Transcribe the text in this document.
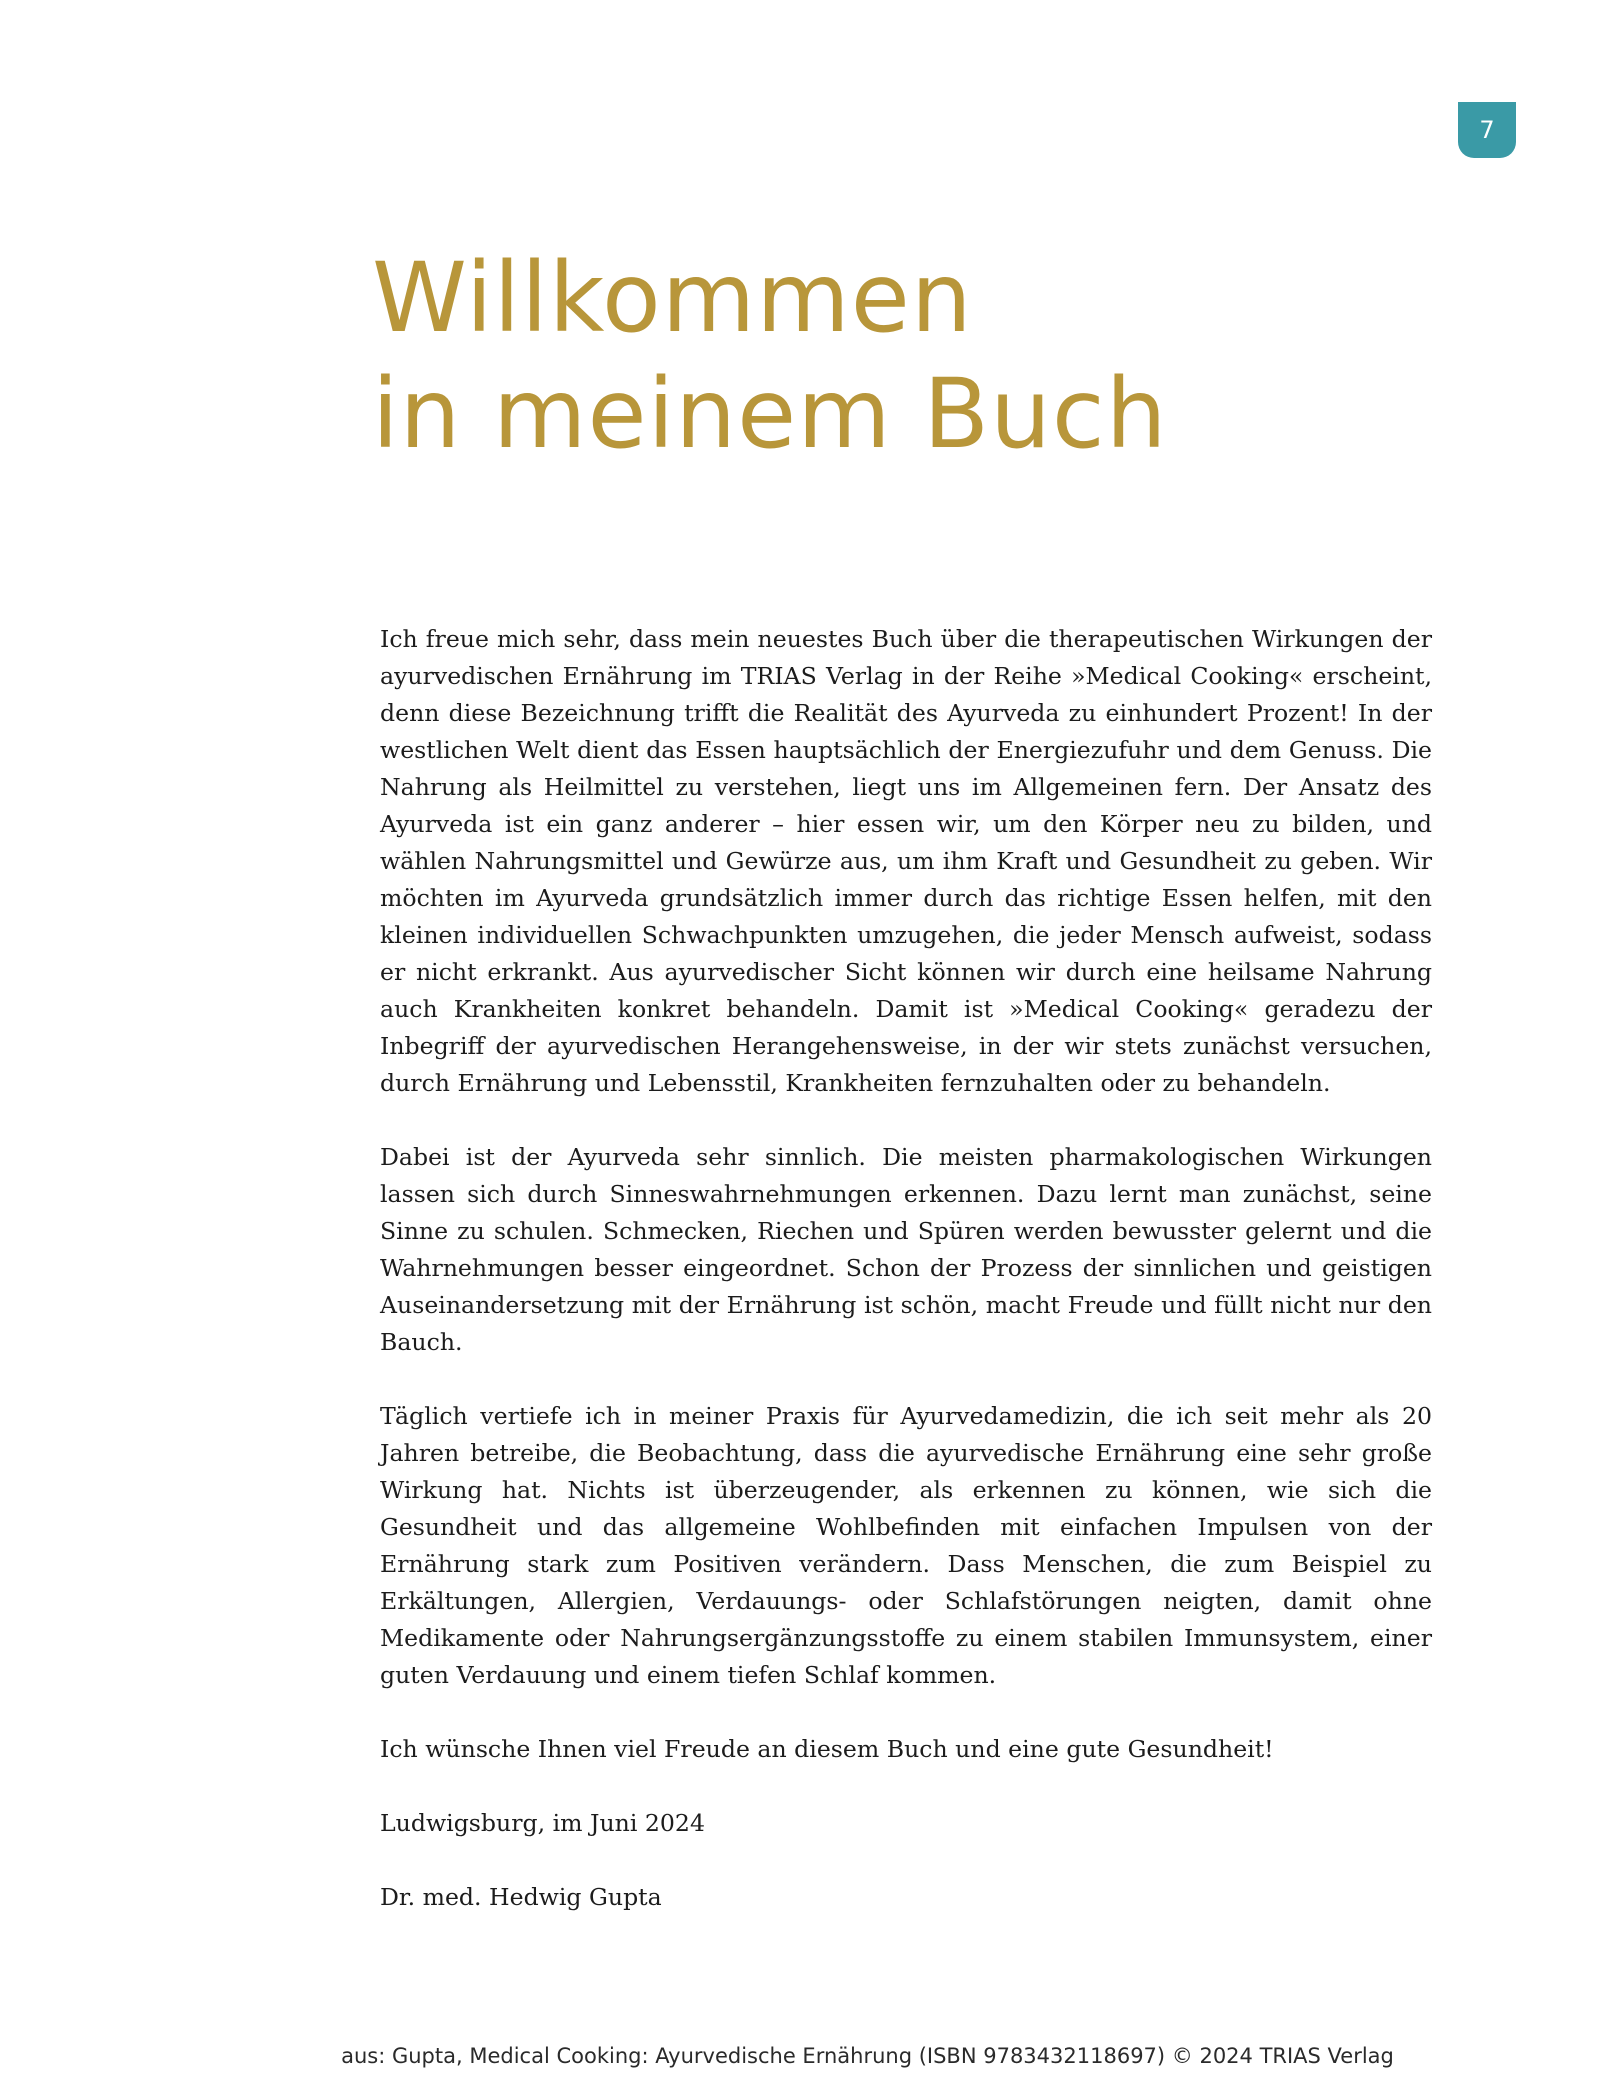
7
Willkommen
in meinem Buch

Ich freue mich sehr, dass mein neuestes Buch über die therapeutischen Wirkungen der ayurvedischen Ernährung im TRIAS Verlag in der Reihe »Medical Cooking« erscheint, denn diese Bezeichnung trifft die Realität des Ayurveda zu einhundert Prozent! In der westlichen Welt dient das Essen hauptsächlich der Energiezufuhr und dem Genuss. Die Nahrung als Heilmittel zu verstehen, liegt uns im Allgemeinen fern. Der Ansatz des Ayurveda ist ein ganz anderer – hier essen wir, um den Körper neu zu bilden, und wählen Nahrungsmittel und Gewürze aus, um ihm Kraft und Gesundheit zu geben. Wir möchten im Ayurveda grundsätzlich immer durch das richtige Essen helfen, mit den kleinen individuellen Schwachpunkten umzugehen, die jeder Mensch aufweist, sodass er nicht erkrankt. Aus ayurvedischer Sicht können wir durch eine heilsame Nahrung auch Krankheiten konkret behandeln. Damit ist »Medical Cooking« geradezu der Inbegriff der ayurvedischen Herangehensweise, in der wir stets zunächst versuchen, durch Ernährung und Lebensstil, Krankheiten fernzuhalten oder zu behandeln.

Dabei ist der Ayurveda sehr sinnlich. Die meisten pharmakologischen Wirkungen lassen sich durch Sinneswahrnehmungen erkennen. Dazu lernt man zunächst, seine Sinne zu schulen. Schmecken, Riechen und Spüren werden bewusster gelernt und die Wahrnehmungen besser eingeordnet. Schon der Prozess der sinnlichen und geistigen Auseinandersetzung mit der Ernährung ist schön, macht Freude und füllt nicht nur den Bauch.

Täglich vertiefe ich in meiner Praxis für Ayurvedamedizin, die ich seit mehr als 20 Jahren betreibe, die Beobachtung, dass die ayurvedische Ernährung eine sehr große Wirkung hat. Nichts ist überzeugender, als erkennen zu können, wie sich die Gesundheit und das allgemeine Wohlbefinden mit einfachen Impulsen von der Ernährung stark zum Positiven verändern. Dass Menschen, die zum Beispiel zu Erkältungen, Allergien, Verdauungs- oder Schlafstörungen neigten, damit ohne Medikamente oder Nahrungsergänzungsstoffe zu einem stabilen Immunsystem, einer guten Verdauung und einem tiefen Schlaf kommen.

Ich wünsche Ihnen viel Freude an diesem Buch und eine gute Gesundheit!

Ludwigsburg, im Juni 2024

Dr. med. Hedwig Gupta

aus: Gupta, Medical Cooking: Ayurvedische Ernährung (ISBN 9783432118697) © 2024 TRIAS Verlag
